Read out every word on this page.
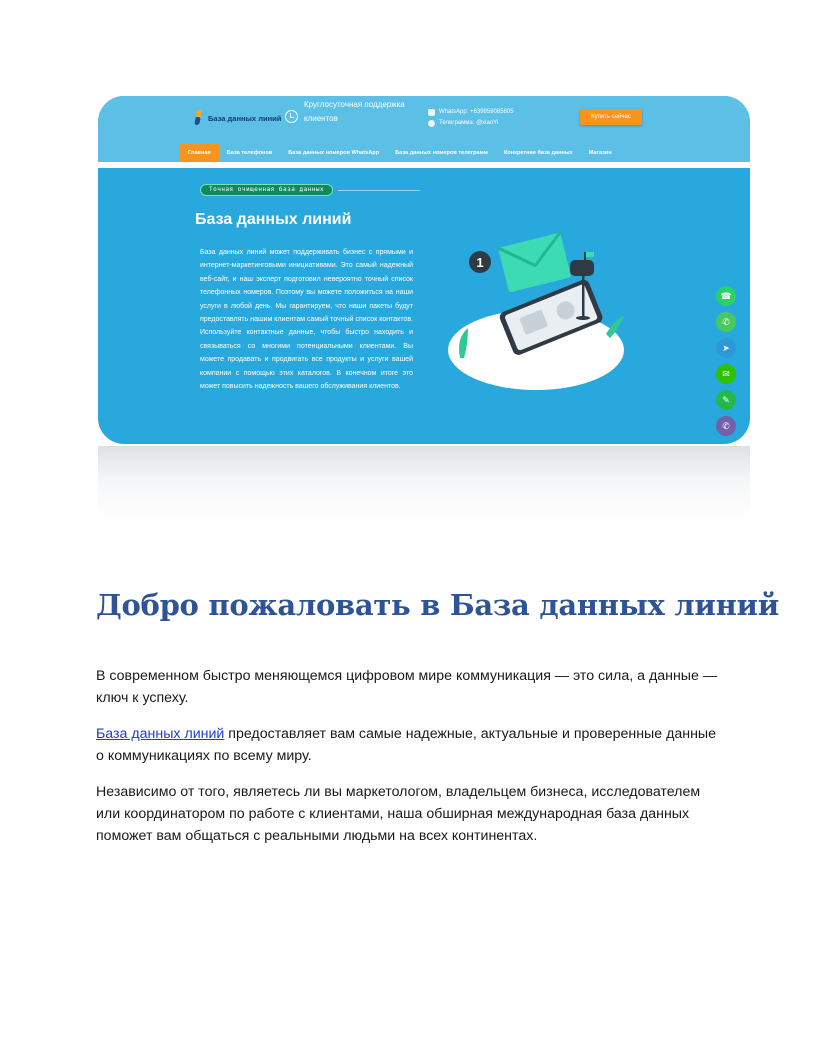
База данных линий
Круглосуточная поддержка клиентов
WhatsApp: +639859085805
Телеграмма: @xiaoYi
Купить сейчас
Главная	База телефонов	База данных номеров WhatsApp	База данных номеров телеграмм	Конкретная база данных	Магазин
Точная очищенная база данных
База данных линий
База данных линий может поддерживать бизнес с прямыми и интернет-маркетинговыми инициативами. Это самый надежный веб-сайт, и наш эксперт подготовил невероятно точный список телефонных номеров. Поэтому вы можете положиться на наши услуги в любой день. Мы гарантируем, что наши пакеты будут предоставлять нашим клиентам самый точный список контактов. Используйте контактные данные, чтобы быстро находить и связываться со многими потенциальными клиентами. Вы можете продавать и продвигать все продукты и услуги вашей компании с помощью этих каталогов. В конечном итоге это может повысить надежность вашего обслуживания клиентов.
1
☎
✆
➤
✉
✎
✆
Добро пожаловать в База данных линий

В современном быстро меняющемся цифровом мире коммуникация — это сила, а данные — ключ к успеху.

База данных линий предоставляет вам самые надежные, актуальные и проверенные данные о коммуникациях по всему миру.

Независимо от того, являетесь ли вы маркетологом, владельцем бизнеса, исследователем или координатором по работе с клиентами, наша обширная международная база данных поможет вам общаться с реальными людьми на всех континентах.
